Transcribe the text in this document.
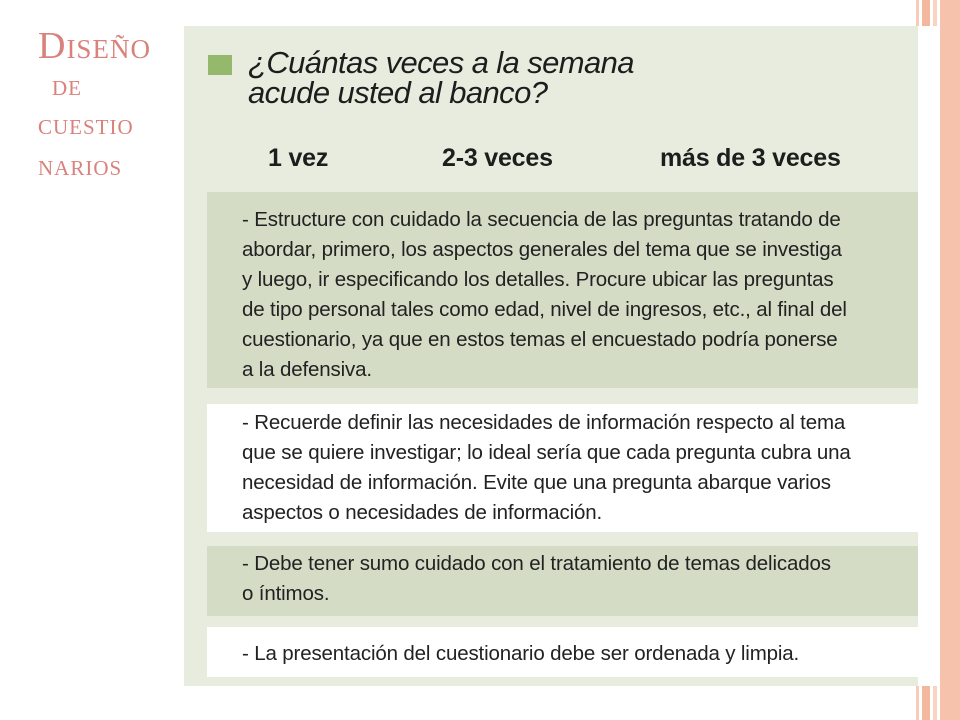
Diseño
de
cuestio
narios
¿Cuántas veces a la semana
acude usted al banco?
1 vez	2-3 veces	más de 3 veces
- Estructure con cuidado la secuencia de las preguntas tratando de
abordar, primero, los aspectos generales del tema que se investiga
y luego, ir especificando los detalles. Procure ubicar las preguntas
de tipo personal tales como edad, nivel de ingresos, etc., al final del
cuestionario, ya que en estos temas el encuestado podría ponerse
a la defensiva.
- Recuerde definir las necesidades de información respecto al tema
que se quiere investigar; lo ideal sería que cada pregunta cubra una
necesidad de información. Evite que una pregunta abarque varios
aspectos o necesidades de información.
- Debe tener sumo cuidado con el tratamiento de temas delicados
o íntimos.
- La presentación del cuestionario debe ser ordenada y limpia.
